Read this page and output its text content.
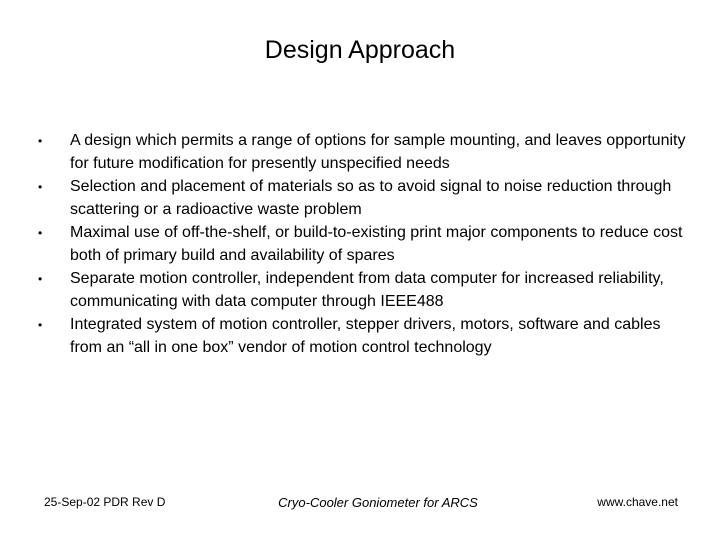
Design Approach
•	A design which permits a range of options for sample mounting, and leaves opportunity for future modification for presently unspecified needs
•	Selection and placement of materials so as to avoid signal to noise reduction through scattering or a radioactive waste problem
•	Maximal use of off-the-shelf, or build-to-existing print major components to reduce cost both of primary build and availability of spares
•	Separate motion controller, independent from data computer for increased reliability, communicating with data computer through IEEE488
•	Integrated system of motion controller, stepper drivers, motors, software and cables from an “all in one box” vendor of motion control technology
25-Sep-02 PDR Rev D	Cryo-Cooler Goniometer for ARCS	www.chave.net
